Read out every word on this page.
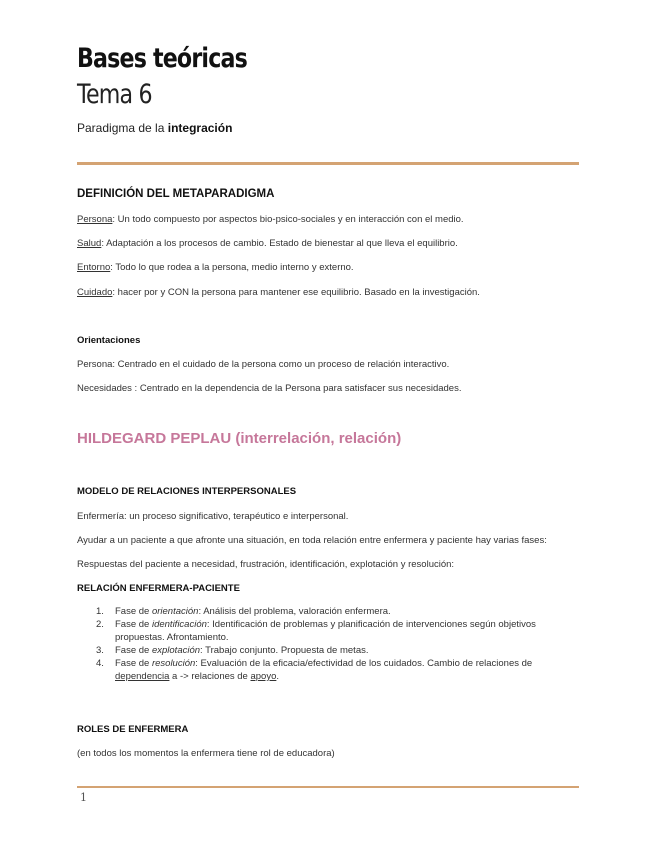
Bases teóricas
Tema 6
Paradigma de la integración
DEFINICIÓN DEL METAPARADIGMA
Persona: Un todo compuesto por aspectos bio-psico-sociales y en interacción con el medio.
Salud: Adaptación a los procesos de cambio. Estado de bienestar al que lleva el equilibrio.
Entorno: Todo lo que rodea a la persona, medio interno y externo.
Cuidado: hacer por y CON la persona para mantener ese equilibrio. Basado en la investigación.
Orientaciones
Persona: Centrado en el cuidado de la persona como un proceso de relación interactivo.
Necesidades : Centrado en la dependencia de la Persona para satisfacer sus necesidades.
HILDEGARD PEPLAU (interrelación, relación)
MODELO DE RELACIONES INTERPERSONALES
Enfermería: un proceso significativo, terapéutico e interpersonal.
Ayudar a un paciente a que afronte una situación, en toda relación entre enfermera y paciente hay varias fases:
Respuestas del paciente a necesidad, frustración, identificación, explotación y resolución:
RELACIÓN ENFERMERA-PACIENTE
1. Fase de orientación: Análisis del problema, valoración enfermera.
2. Fase de identificación: Identificación de problemas y planificación de intervenciones según objetivos propuestas. Afrontamiento.
3. Fase de explotación: Trabajo conjunto. Propuesta de metas.
4. Fase de resolución: Evaluación de la eficacia/efectividad de los cuidados. Cambio de relaciones de dependencia a -> relaciones de apoyo.
ROLES DE ENFERMERA
(en todos los momentos la enfermera tiene rol de educadora)
1
